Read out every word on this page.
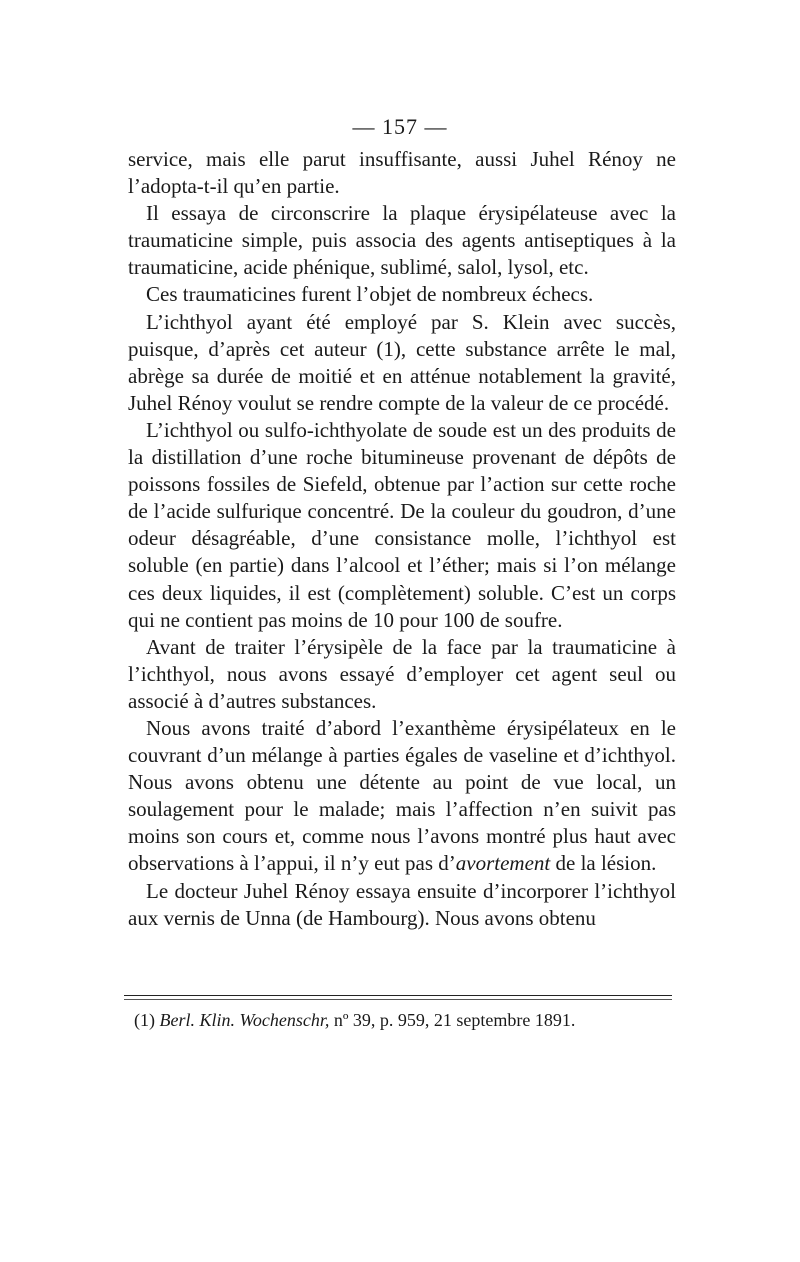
— 157 —

service, mais elle parut insuffisante, aussi Juhel Rénoy ne l’adopta-t-il qu’en partie.

Il essaya de circonscrire la plaque érysipélateuse avec la traumaticine simple, puis associa des agents antiseptiques à la traumaticine, acide phénique, sublimé, salol, lysol, etc.

Ces traumaticines furent l’objet de nombreux échecs.

L’ichthyol ayant été employé par S. Klein avec succès, puisque, d’après cet auteur (1), cette substance arrête le mal, abrège sa durée de moitié et en atténue notablement la gravité, Juhel Rénoy voulut se rendre compte de la valeur de ce procédé.

L’ichthyol ou sulfo-ichthyolate de soude est un des produits de la distillation d’une roche bitumineuse provenant de dépôts de poissons fossiles de Siefeld, obtenue par l’action sur cette roche de l’acide sulfurique concentré. De la couleur du goudron, d’une odeur désagréable, d’une consistance molle, l’ichthyol est soluble (en partie) dans l’alcool et l’éther; mais si l’on mélange ces deux liquides, il est (complètement) soluble. C’est un corps qui ne contient pas moins de 10 pour 100 de soufre.

Avant de traiter l’érysipèle de la face par la traumaticine à l’ichthyol, nous avons essayé d’employer cet agent seul ou associé à d’autres substances.

Nous avons traité d’abord l’exanthème érysipélateux en le couvrant d’un mélange à parties égales de vaseline et d’ichthyol. Nous avons obtenu une détente au point de vue local, un soulagement pour le malade; mais l’affection n’en suivit pas moins son cours et, comme nous l’avons montré plus haut avec observations à l’appui, il n’y eut pas d’avortement de la lésion.

Le docteur Juhel Rénoy essaya ensuite d’incorporer l’ichthyol aux vernis de Unna (de Hambourg). Nous avons obtenu

(1) Berl. Klin. Wochenschr, nº 39, p. 959, 21 septembre 1891.
